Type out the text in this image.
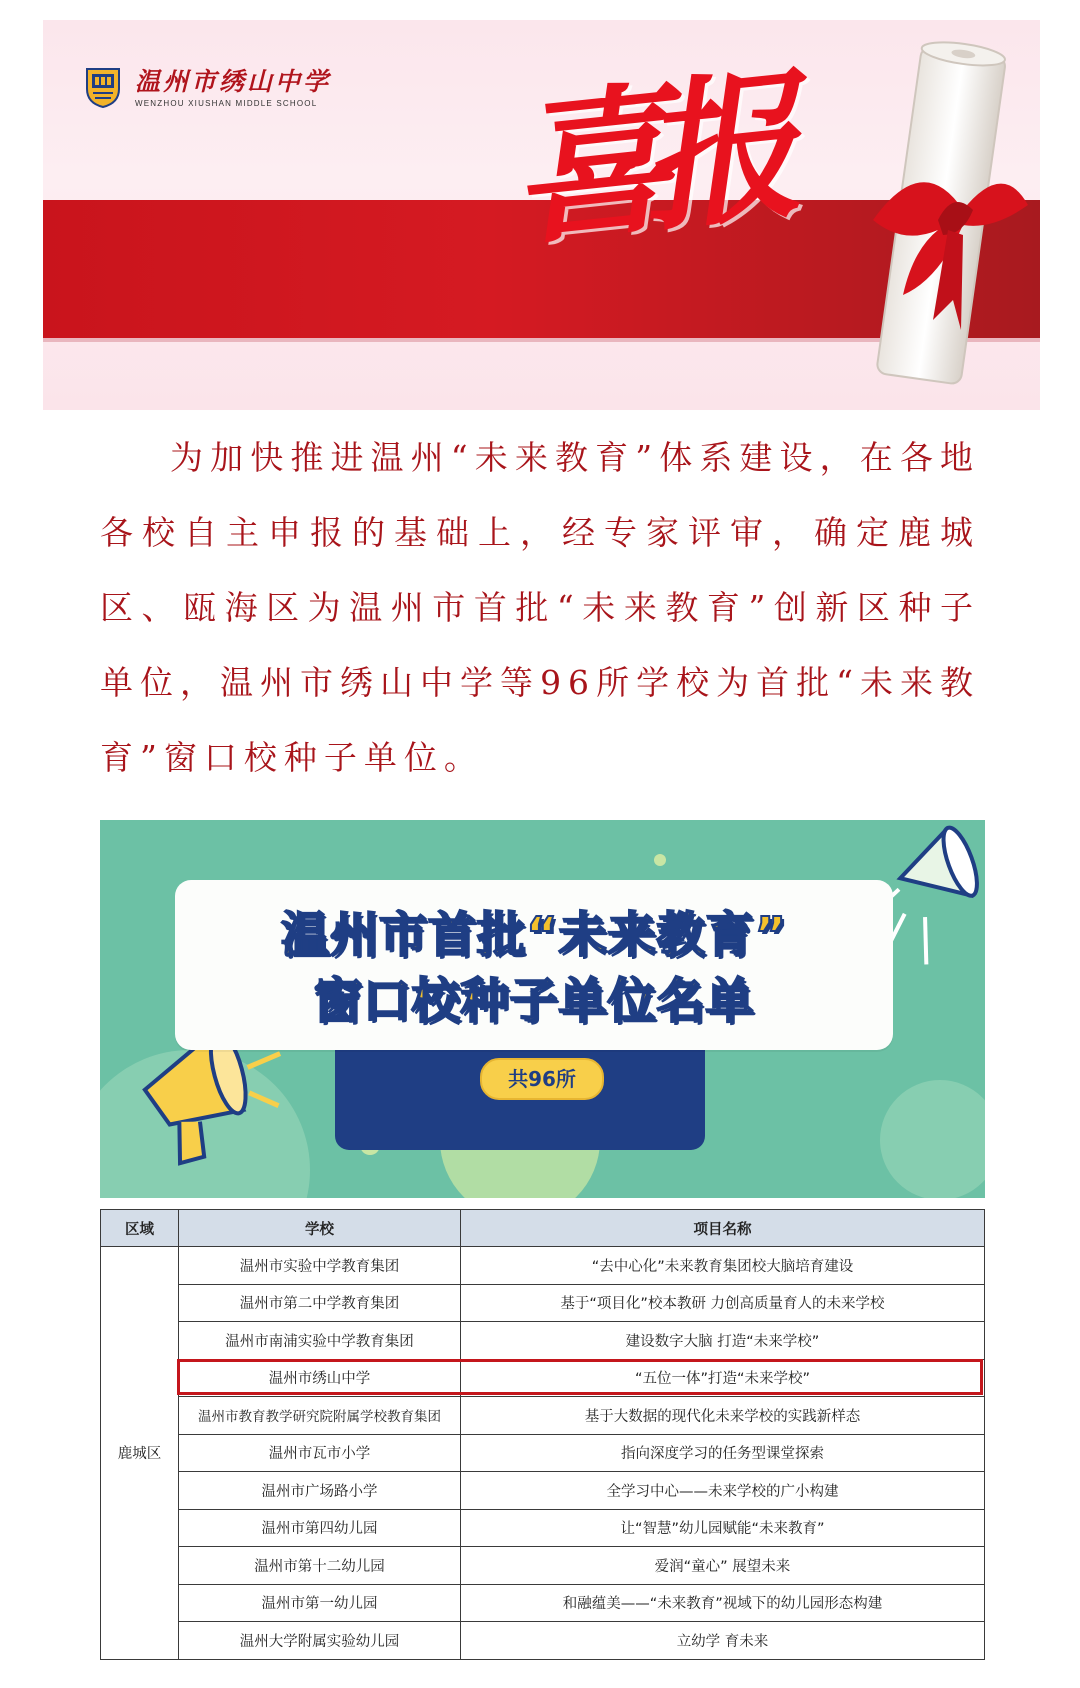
温州市绣山中学
WENZHOU XIUSHAN MIDDLE SCHOOL 喜报
为加快推进温州“未来教育”体系建设，在各地各校自主申报的基础上，经专家评审，确定鹿城区、瓯海区为温州市首批“未来教育”创新区种子单位，温州市绣山中学等96所学校为首批“未来教育”窗口校种子单位。
温州市首批“未来教育”
窗口校种子单位名单
共96所
区域	学校	项目名称
鹿城区	温州市实验中学教育集团	“去中心化”未来教育集团校大脑培育建设
	温州市第二中学教育集团	基于“项目化”校本教研 力创高质量育人的未来学校
	温州市南浦实验中学教育集团	建设数字大脑 打造“未来学校”
	温州市绣山中学	“五位一体”打造“未来学校”
	温州市教育教学研究院附属学校教育集团	基于大数据的现代化未来学校的实践新样态
	温州市瓦市小学	指向深度学习的任务型课堂探索
	温州市广场路小学	全学习中心——未来学校的广小构建
	温州市第四幼儿园	让“智慧”幼儿园赋能“未来教育”
	温州市第十二幼儿园	爱润“童心” 展望未来
	温州市第一幼儿园	和融蕴美——“未来教育”视域下的幼儿园形态构建
	温州大学附属实验幼儿园	立幼学 育未来
